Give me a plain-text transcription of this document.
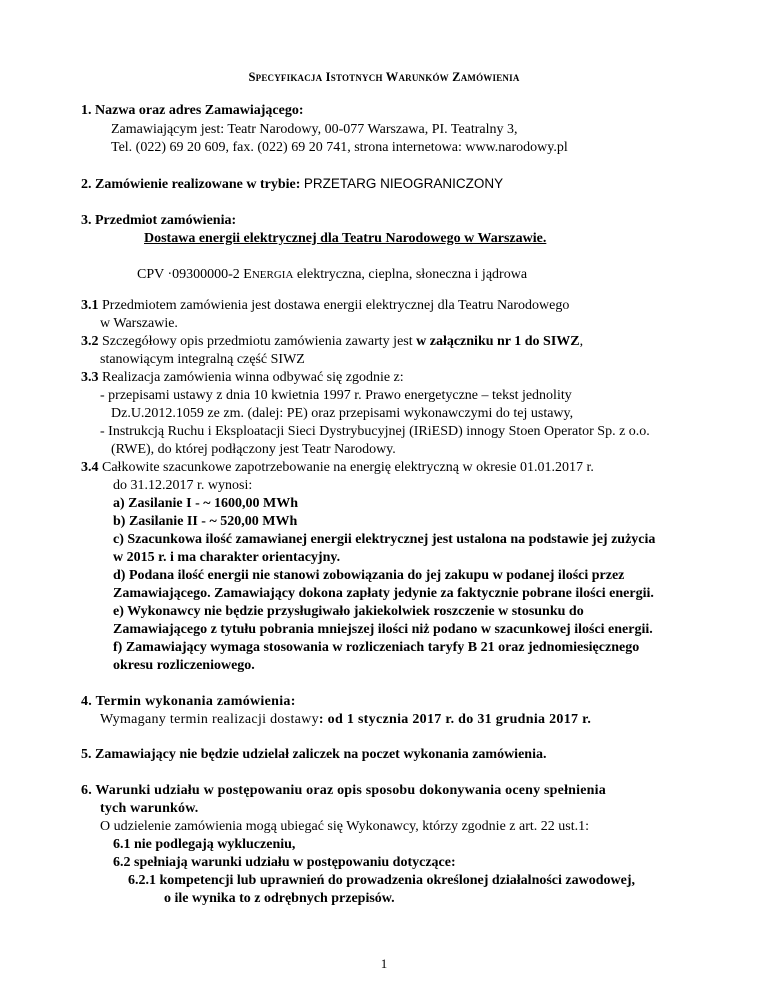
Specyfikacja Istotnych Warunków Zamówienia
1. Nazwa oraz adres Zamawiającego:
Zamawiającym jest: Teatr Narodowy, 00-077 Warszawa, PI. Teatralny 3,
Tel. (022) 69 20 609, fax. (022) 69 20 741, strona internetowa: www.narodowy.pl
2. Zamówienie realizowane w trybie: PRZETARG NIEOGRANICZONY
3. Przedmiot zamówienia:
Dostawa energii elektrycznej dla Teatru Narodowego w Warszawie.
CPV ·09300000-2 ENERGIA elektryczna, cieplna, słoneczna i jądrowa
3.1 Przedmiotem zamówienia jest dostawa energii elektrycznej dla Teatru Narodowego
w Warszawie.
3.2 Szczegółowy opis przedmiotu zamówienia zawarty jest w załączniku nr 1 do SIWZ,
stanowiącym integralną część SIWZ
3.3 Realizacja zamówienia winna odbywać się zgodnie z:
- przepisami ustawy z dnia 10 kwietnia 1997 r. Prawo energetyczne – tekst jednolity
Dz.U.2012.1059 ze zm. (dalej: PE) oraz przepisami wykonawczymi do tej ustawy,
- Instrukcją Ruchu i Eksploatacji Sieci Dystrybucyjnej (IRiESD) innogy Stoen Operator Sp. z o.o.
(RWE), do której podłączony jest Teatr Narodowy.
3.4 Całkowite szacunkowe zapotrzebowanie na energię elektryczną w okresie 01.01.2017 r.
do 31.12.2017 r. wynosi:
a) Zasilanie I - ~ 1600,00 MWh
b) Zasilanie II - ~ 520,00 MWh
c) Szacunkowa ilość zamawianej energii elektrycznej jest ustalona na podstawie jej zużycia
w 2015 r. i ma charakter orientacyjny.
d) Podana ilość energii nie stanowi zobowiązania do jej zakupu w podanej ilości przez
Zamawiającego. Zamawiający dokona zapłaty jedynie za faktycznie pobrane ilości energii.
e) Wykonawcy nie będzie przysługiwało jakiekolwiek roszczenie w stosunku do
Zamawiającego z tytułu pobrania mniejszej ilości niż podano w szacunkowej ilości energii.
f) Zamawiający wymaga stosowania w rozliczeniach taryfy B 21 oraz jednomiesięcznego
okresu rozliczeniowego.
4. Termin wykonania zamówienia:
Wymagany termin realizacji dostawy: od 1 stycznia 2017 r. do 31 grudnia 2017 r.
5. Zamawiający nie będzie udzielał zaliczek na poczet wykonania zamówienia.
6. Warunki udziału w postępowaniu oraz opis sposobu dokonywania oceny spełnienia
tych warunków.
O udzielenie zamówienia mogą ubiegać się Wykonawcy, którzy zgodnie z art. 22 ust.1:
6.1 nie podlegają wykluczeniu,
6.2 spełniają warunki udziału w postępowaniu dotyczące:
6.2.1 kompetencji lub uprawnień do prowadzenia określonej działalności zawodowej,
o ile wynika to z odrębnych przepisów.
1
